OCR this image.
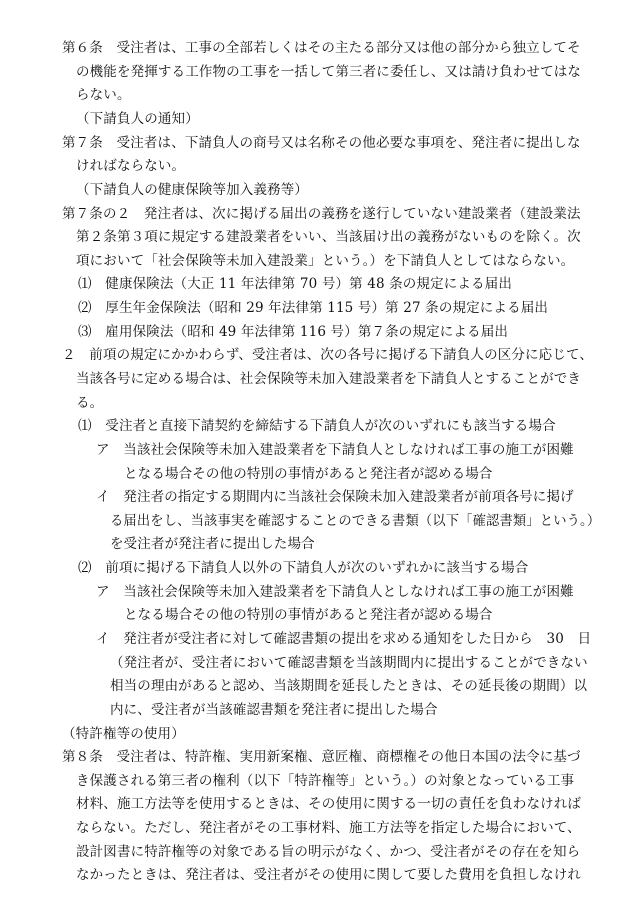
第６条　受注者は、工事の全部若しくはその主たる部分又は他の部分から独立してそ
の機能を発揮する工作物の工事を一括して第三者に委任し、又は請け負わせてはな
らない。
（下請負人の通知）
第７条　受注者は、下請負人の商号又は名称その他必要な事項を、発注者に提出しな
ければならない。
（下請負人の健康保険等加入義務等）
第７条の２　発注者は、次に掲げる届出の義務を遂行していない建設業者（建設業法
第２条第３項に規定する建設業者をいい、当該届け出の義務がないものを除く。次
項において「社会保険等未加入建設業」という。）を下請負人としてはならない。
⑴　健康保険法（大正 11 年法律第 70 号）第 48 条の規定による届出
⑵　厚生年金保険法（昭和 29 年法律第 115 号）第 27 条の規定による届出
⑶　雇用保険法（昭和 49 年法律第 116 号）第７条の規定による届出
２　前項の規定にかかわらず、受注者は、次の各号に掲げる下請負人の区分に応じて、
当該各号に定める場合は、社会保険等未加入建設業者を下請負人とすることができ
る。
⑴　受注者と直接下請契約を締結する下請負人が次のいずれにも該当する場合
ア　当該社会保険等未加入建設業者を下請負人としなければ工事の施工が困難
となる場合その他の特別の事情があると発注者が認める場合
イ　発注者の指定する期間内に当該社会保険未加入建設業者が前項各号に掲げ
る届出をし、当該事実を確認することのできる書類（以下「確認書類」という。）
を受注者が発注者に提出した場合
⑵　前項に掲げる下請負人以外の下請負人が次のいずれかに該当する場合
ア　当該社会保険等未加入建設業者を下請負人としなければ工事の施工が困難
となる場合その他の特別の事情があると発注者が認める場合
イ　発注者が受注者に対して確認書類の提出を求める通知をした日から　30　日
（発注者が、受注者において確認書類を当該期間内に提出することができない
相当の理由があると認め、当該期間を延長したときは、その延長後の期間）以
内に、受注者が当該確認書類を発注者に提出した場合
（特許権等の使用）
第８条　受注者は、特許権、実用新案権、意匠権、商標権その他日本国の法令に基づ
き保護される第三者の権利（以下「特許権等」という。）の対象となっている工事
材料、施工方法等を使用するときは、その使用に関する一切の責任を負わなければ
ならない。ただし、発注者がその工事材料、施工方法等を指定した場合において、
設計図書に特許権等の対象である旨の明示がなく、かつ、受注者がその存在を知ら
なかったときは、発注者は、受注者がその使用に関して要した費用を負担しなけれ
